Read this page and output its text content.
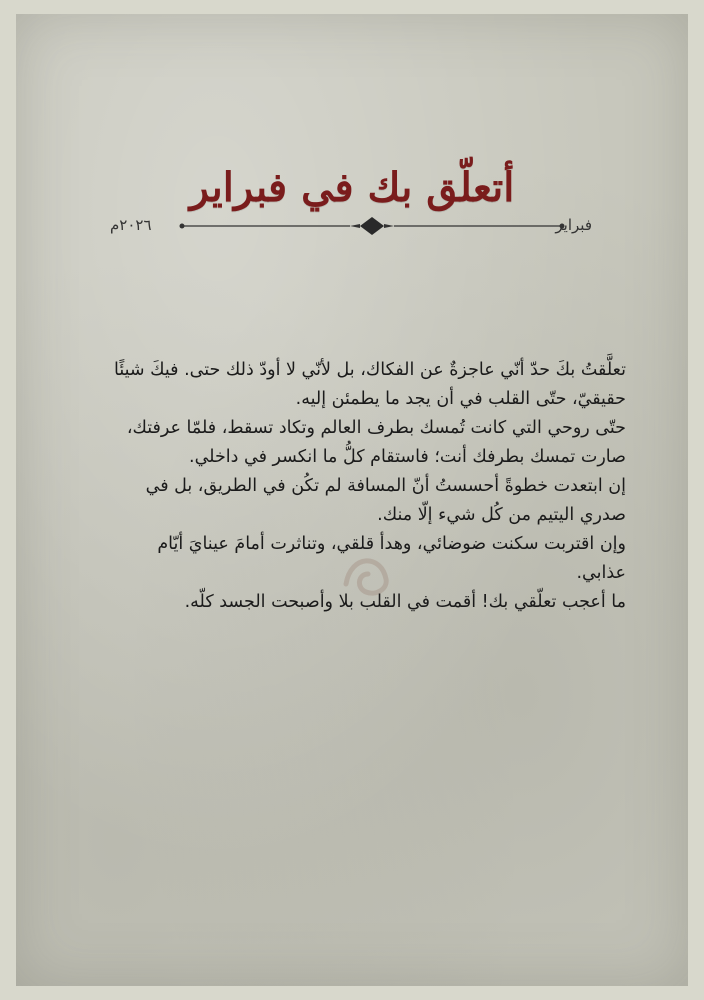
أتعلّق بك في فبراير
فبراير
٢٠٢٦م

تعلَّقتُ بكَ حدّ أنّي عاجزةٌ عن الفكاك، بل لأنّي لا أودّ ذلك حتى. فيكَ شيئًا حقيقيّ، حتّى القلب في أن يجد ما يطمئن إليه.

حتّى روحي التي كانت تُمسك بطرف العالم وتكاد تسقط، فلمّا عرفتك، صارت تمسك بطرفك أنت؛ فاستقام كلُّ ما انكسر في داخلي.

إن ابتعدت خطوةً أحسستُ أنّ المسافة لم تكُن في الطريق، بل في صدري اليتيم من كُل شيء إلّا منك.

وإن اقتربت سكنت ضوضائي، وهدأ قلقي، وتناثرت أمامَ عينايَ أيّام عذابي.

ما أعجب تعلّقي بك! أقمت في القلب بلا وأصبحت الجسد كلّه.
